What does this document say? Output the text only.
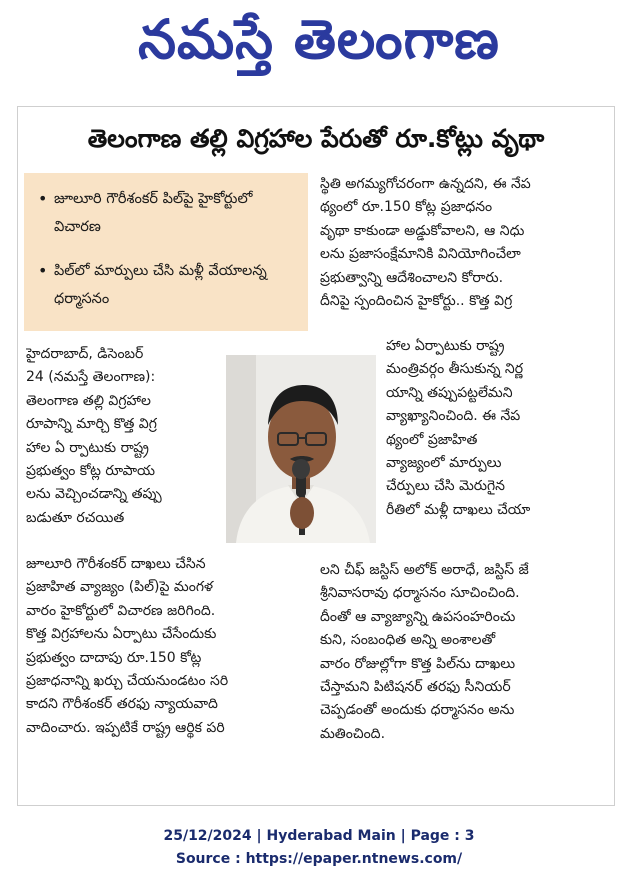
నమస్తే తెలంగాణ
తెలంగాణ తల్లి విగ్రహాల పేరుతో రూ.కోట్లు వృథా
• జూలూరి గౌరీశంకర్ పిల్‌పై హైకోర్టులో విచారణ
• పిల్‌లో మార్పులు చేసి మళ్లీ వేయాలన్న ధర్మాసనం
హైదరాబాద్, డిసెంబర్
24 (నమస్తే తెలంగాణ):
తెలంగాణ తల్లి విగ్రహాల
రూపాన్ని మార్చి కొత్త విగ్ర
హాల ఏ ర్పాటుకు రాష్ట్ర
ప్రభుత్వం కోట్ల రూపాయ
లను వెచ్చించడాన్ని తప్పు
బడుతూ రచయిత
జూలూరి గౌరీశంకర్ దాఖలు చేసిన
ప్రజాహిత వ్యాజ్యం (పిల్)పై మంగళ
వారం హైకోర్టులో విచారణ జరిగింది.
కొత్త విగ్రహాలను ఏర్పాటు చేసేందుకు
ప్రభుత్వం దాదాపు రూ.150 కోట్ల
ప్రజాధనాన్ని ఖర్చు చేయనుండటం సరి
కాదని గౌరీశంకర్ తరఫు న్యాయవాది
వాదించారు. ఇప్పటికే రాష్ట్ర ఆర్థిక పరి
స్థితి అగమ్యగోచరంగా ఉన్నదని, ఈ నేప
థ్యంలో రూ.150 కోట్ల ప్రజాధనం
వృథా కాకుండా అడ్డుకోవాలని, ఆ నిధు
లను ప్రజాసంక్షేమానికి వినియోగించేలా
ప్రభుత్వాన్ని ఆదేశించాలని కోరారు.
దీనిపై స్పందించిన హైకోర్టు.. కొత్త విగ్ర
హాల ఏర్పాటుకు రాష్ట్ర
మంత్రివర్గం తీసుకున్న నిర్ణ
యాన్ని తప్పుపట్టలేమని
వ్యాఖ్యానించింది. ఈ నేప
థ్యంలో ప్రజాహిత
వ్యాజ్యంలో మార్పులు
చేర్పులు చేసి మెరుగైన
రీతిలో మళ్లీ దాఖలు చేయా
లని చీఫ్ జస్టిస్ అలోక్ అరాధే, జస్టిస్ జే
శ్రీనివాసరావు ధర్మాసనం సూచించింది.
దీంతో ఆ వ్యాజ్యాన్ని ఉపసంహరించు
కుని, సంబంధిత అన్ని అంశాలతో
వారం రోజుల్లోగా కొత్త పిల్‌ను దాఖలు
చేస్తామని పిటిషనర్ తరఫు సీనియర్
చెప్పడంతో అందుకు ధర్మాసనం అను
మతించింది.
25/12/2024 | Hyderabad Main | Page : 3
Source : https://epaper.ntnews.com/
